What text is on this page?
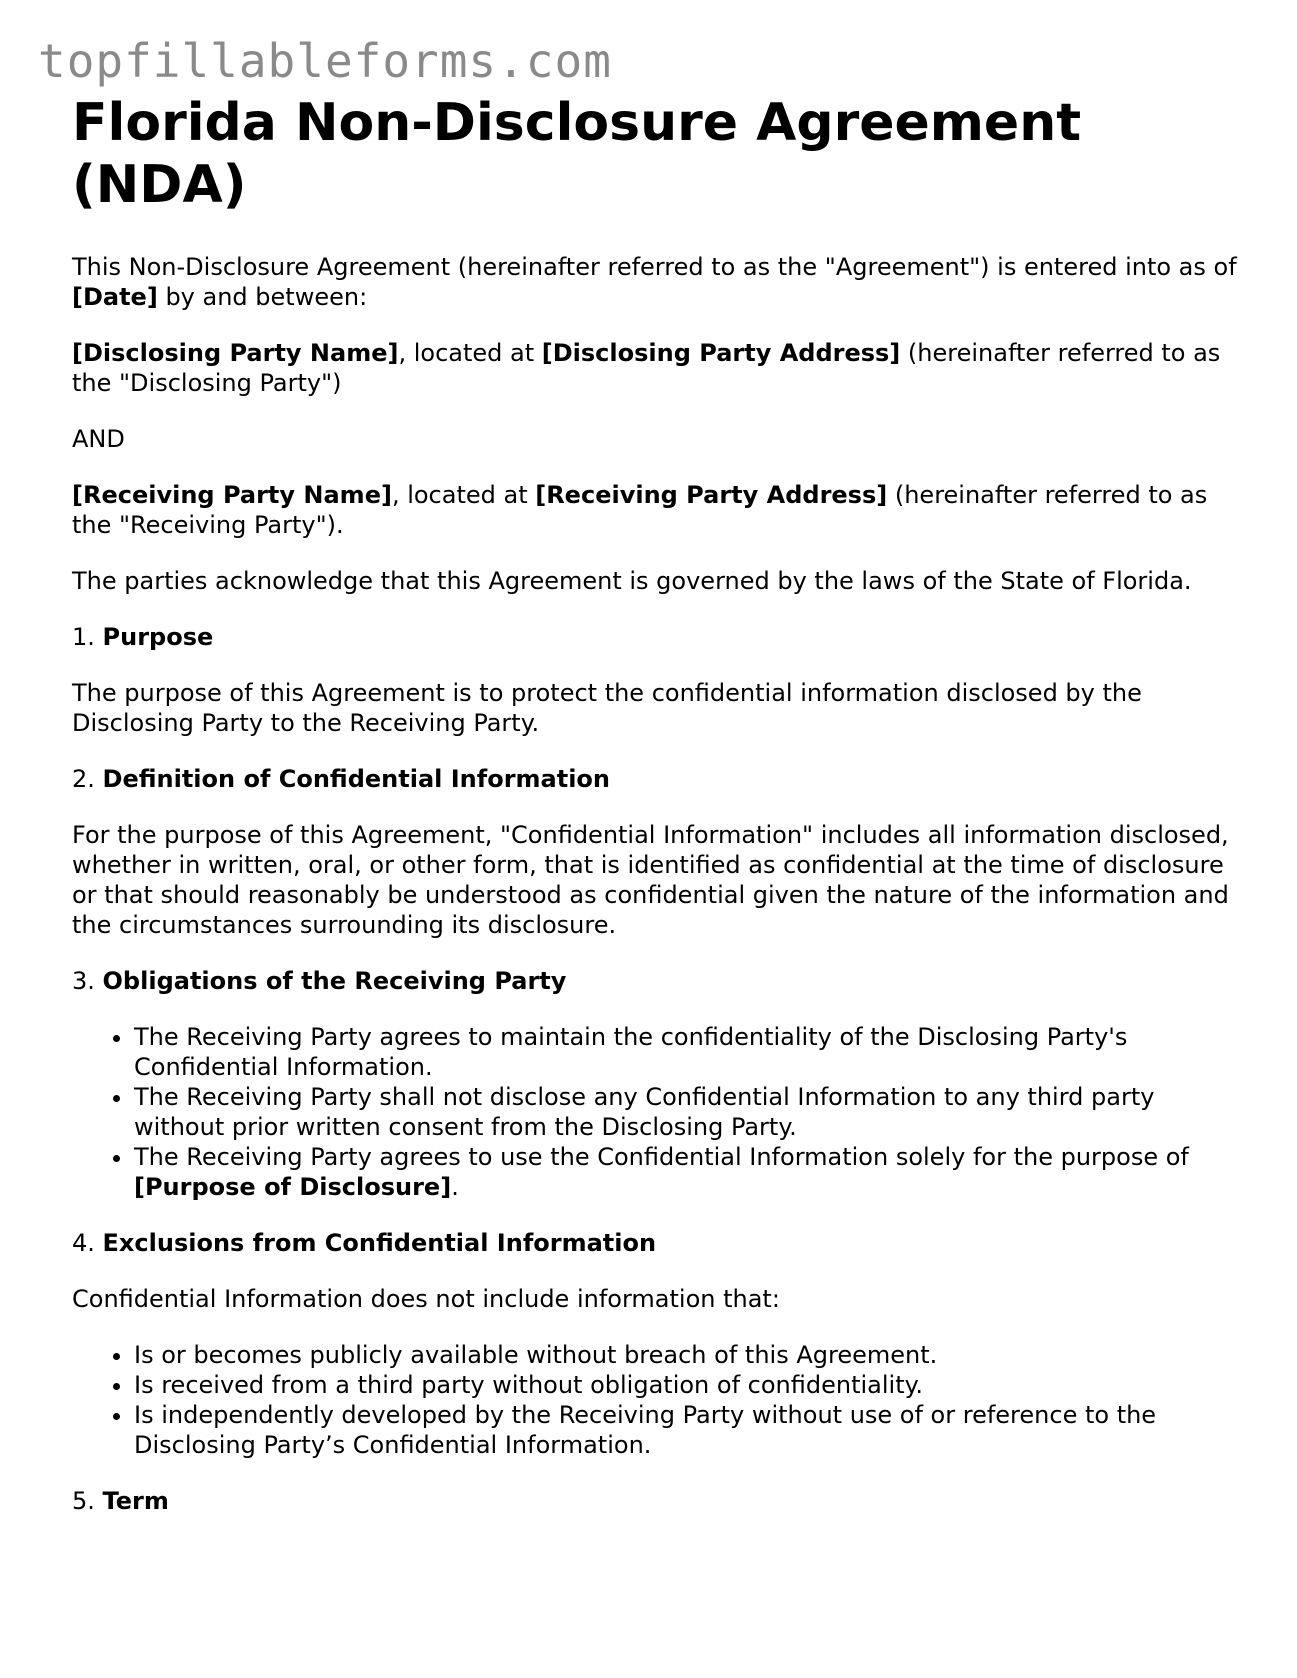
topfillableforms.com
Florida Non-Disclosure Agreement (NDA)

This Non-Disclosure Agreement (hereinafter referred to as the "Agreement") is entered into as of [Date] by and between:

[Disclosing Party Name], located at [Disclosing Party Address] (hereinafter referred to as the "Disclosing Party")

AND

[Receiving Party Name], located at [Receiving Party Address] (hereinafter referred to as the "Receiving Party").

The parties acknowledge that this Agreement is governed by the laws of the State of Florida.

1. Purpose

The purpose of this Agreement is to protect the confidential information disclosed by the Disclosing Party to the Receiving Party.

2. Definition of Confidential Information

For the purpose of this Agreement, "Confidential Information" includes all information disclosed, whether in written, oral, or other form, that is identified as confidential at the time of disclosure or that should reasonably be understood as confidential given the nature of the information and the circumstances surrounding its disclosure.

3. Obligations of the Receiving Party
• The Receiving Party agrees to maintain the confidentiality of the Disclosing Party's Confidential Information.
• The Receiving Party shall not disclose any Confidential Information to any third party without prior written consent from the Disclosing Party.
• The Receiving Party agrees to use the Confidential Information solely for the purpose of [Purpose of Disclosure].
4. Exclusions from Confidential Information

Confidential Information does not include information that:

• Is or becomes publicly available without breach of this Agreement.
• Is received from a third party without obligation of confidentiality.
• Is independently developed by the Receiving Party without use of or reference to the Disclosing Party’s Confidential Information.
5. Term
